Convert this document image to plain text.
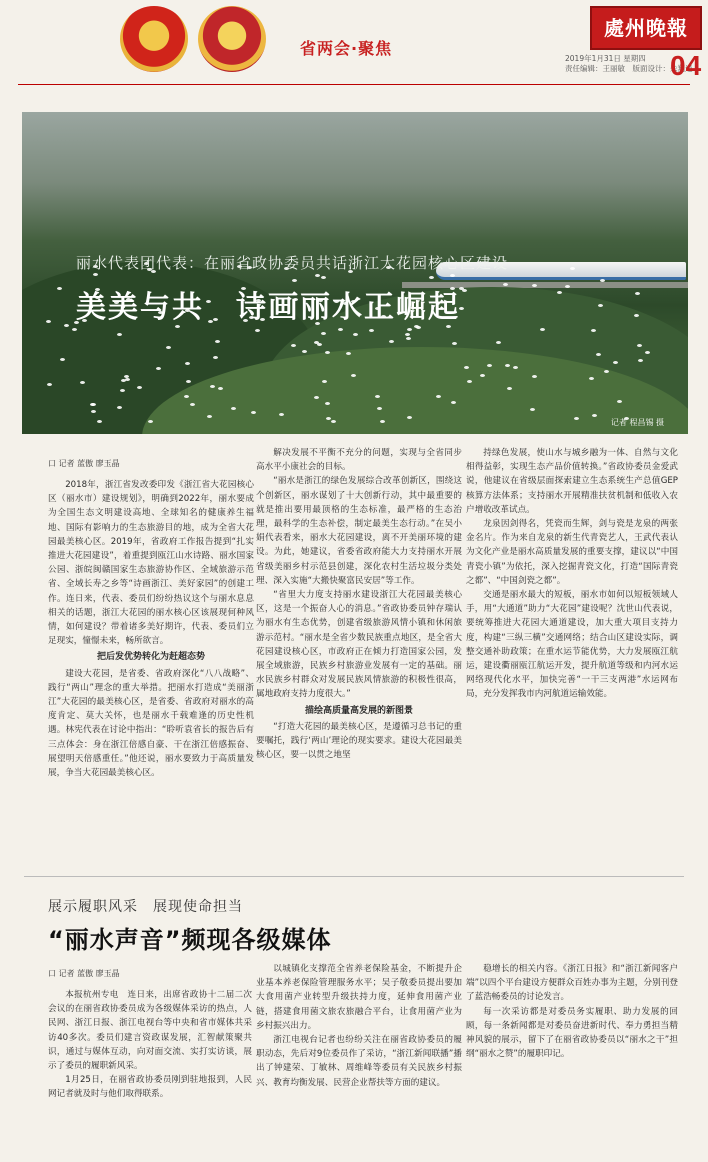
省两会·聚焦
處州晚報
2019年1月31日 星期四
责任编辑：王丽敏　版面设计：朱翔逍
04
丽水代表团代表：在丽省政协委员共话浙江大花园核心区建设
美美与共　诗画丽水正崛起
记者 程昌锡 摄
口 记者 蓝傲 廖玉晶

2018年，浙江省发改委印发《浙江省大花园核心区（丽水市）建设规划》，明确到2022年，丽水要成为全国生态文明建设高地、全球知名的健康养生福地、国际有影响力的生态旅游目的地，成为全省大花园最美核心区。2019年，省政府工作报告提到“扎实推进大花园建设”，着重提到瓯江山水诗路、丽水国家公园、浙皖闽赣国家生态旅游协作区、全域旅游示范省、全域长寿之乡等“诗画浙江、美好家园”的创建工作。连日来，代表、委员们纷纷热议这个与丽水息息相关的话题，浙江大花园的丽水核心区该展现何种风情，如何建设？带着诸多美好期许，代表、委员们立足现实，憧憬未来，畅所欲言。

把后发优势转化为赶超态势

建设大花园，是省委、省政府深化“八八战略”、践行“两山”理念的重大举措。把丽水打造成“美丽浙江”大花园的最美核心区，是省委、省政府对丽水的高度肯定、莫大关怀，也是丽水千载难逢的历史性机遇。林宪代表在讨论中指出：“聆听袁省长的报告后有三点体会：身在浙江倍感自豪、干在浙江倍感振奋、展望明天倍感重任。”他还说，丽水要致力于高质量发展，争当大花园最美核心区。

解决发展不平衡不充分的问题，实现与全省同步高水平小康社会的目标。

“丽水是浙江的绿色发展综合改革创新区，围绕这个创新区，丽水谋划了十大创新行动，其中最重要的就是推出要用最顶格的生态标准，最严格的生态治理，最科学的生态补偿，制定最美生态行动。”在吴小娟代表看来，丽水大花园建设，离不开美丽环境的建设。为此，她建议，省委省政府能大力支持丽水开展省级美丽乡村示范县创建，深化农村生活垃圾分类处理、深入实施“大搬快聚富民安居”等工作。

“省里大力度支持丽水建设浙江大花园最美核心区，这是一个振奋人心的消息。”省政协委员钟存瑞认为丽水有生态优势，创建省级旅游风情小镇和休闲旅游示范村。“丽水是全省少数民族重点地区，是全省大花园建设核心区，市政府正在倾力打造国家公园，发展全域旅游，民族乡村旅游业发展有一定的基础。丽水民族乡村群众对发展民族风情旅游的积极性很高，属地政府支持力度很大。”

描绘高质量高发展的新图景

“打造大花园的最美核心区，是遵循习总书记的重要嘱托，践行‘两山’理论的现实要求。建设大花园最美核心区，要一以贯之地坚

持绿色发展，使山水与城乡融为一体、自然与文化相得益彰，实现生态产品价值转换。”省政协委员金爱武说，他建议在省级层面探索建立生态系统生产总值GEP核算方法体系；支持丽水开展精准扶贫机制和低收入农户增收改革试点。

龙泉因剑得名，凭瓷而生辉，剑与瓷是龙泉的两张金名片。作为来自龙泉的新生代青瓷艺人，王武代表认为文化产业是丽水高质量发展的重要支撑，建议以“中国青瓷小镇”为依托，深入挖掘青瓷文化，打造“国际青瓷之都”、“中国剑瓷之都”。

交通是丽水最大的短板，丽水市如何以短板领域人手，用“大通道”助力“大花园”建设呢？沈世山代表说，要统筹推进大花园大通道建设，加大重大项目支持力度，构建“三纵三横”交通网络；结合山区建设实际，调整交通补助政策；在重水运节能优势，大力发展瓯江航运，建设衢丽瓯江航运开发，提升航道等级和内河水运网络现代化水平，加快完善“一干三支两港”水运网布局，充分发挥我市内河航道运输效能。

展示履职风采　展现使命担当
“丽水声音”频现各级媒体
口 记者 蓝傲 廖玉晶

本报杭州专电　连日来，出席省政协十二届二次会议的在丽省政协委员成为各级媒体采访的热点，人民网、浙江日报、浙江电视台等中央和省市媒体共采访40多次。委员们建言资政谋发展，汇智献策聚共识，通过与媒体互动，向对面交流、实打实访谈，展示了委员的履职新风采。

1月25日，在丽省政协委员刚到驻地报到，人民网记者就及时与他们取得联系。

以城镇化支撑范全省养老保险基金，不断提升企业基本养老保险管理服务水平；吴子敬委员提出要加大食用菌产业转型升级扶持力度，延伸食用菌产业链，搭建食用菌文旅农旅融合平台，让食用菌产业为乡村振兴出力。

浙江电视台记者也纷纷关注在丽省政协委员的履职动态，先后对9位委员作了采访，“浙江新闻联播”播出了钟建荣、丁敏林、周维峰等委员有关民族乡村振兴、教育均衡发展、民营企业帮扶等方面的建议。

稳增长的相关内容。《浙江日报》和“浙江新闻客户端”以四个平台建设方便群众百姓办事为主题，分别刊登了蓝浩畅委员的讨论发言。

每一次采访都是对委员务实履职、助力发展的回顾，每一条新闻都是对委员奋进新时代、奉力勇担当精神风貌的展示，留下了在丽省政协委员以“丽水之干”担纲“丽水之赞”的履职印记。
